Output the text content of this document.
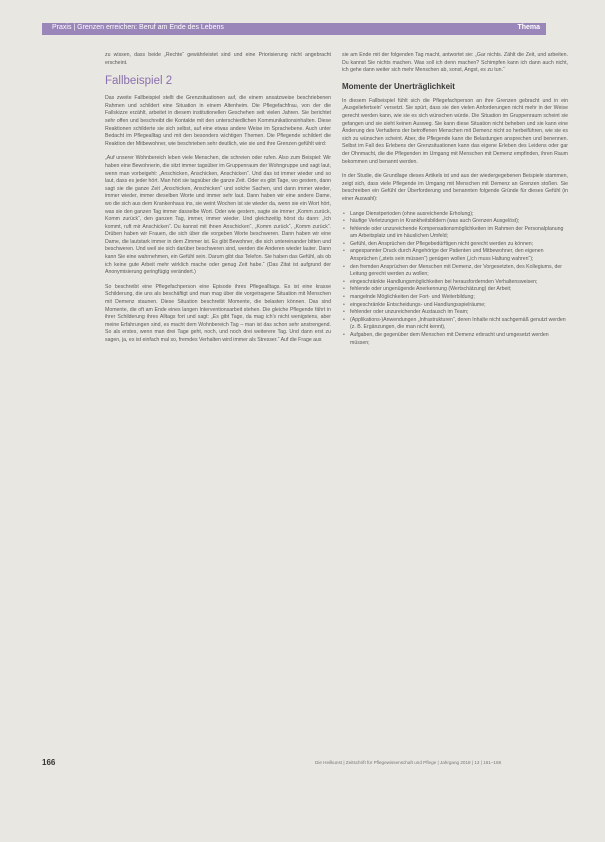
Praxis | Grenzen erreichen: Beruf am Ende des Lebens	Thema

zu wissen, dass beide „Rechte“ gewährleistet sind und eine Priorisierung nicht angebracht erscheint.

Fallbeispiel 2

Das zweite Fallbeispiel stellt die Grenzsituationen auf, die einem ansatzweise beschriebenen Rahmen und schildert eine Situation in einem Altenheim. Die Pflegefachfrau, von der die Fallskizze erzählt, arbeitet in diesem institutionellen Geschehen seit vielen Jahren. Sie berichtet sehr offen und beschreibt die Kontakte mit den unterschiedlichen Kommunikationsinhalten. Diese Reaktionen schilderte sie sich selbst, auf eine etwas andere Weise im Sprachebene. Auch unter Bedacht im Pflegealltag und mit den besonders wichtigen Themen. Die Pflegende schildert die Reaktion der Mitbewohner, wie beschrieben sehr deutlich, wie sie und ihre Grenzen gefühlt wird:

„Auf unserer Wohnbereich leben viele Menschen, die schreien oder rufen. Also zum Beispiel: Wir haben eine Bewohnerin, die sitzt immer tagsüber im Gruppenraum der Wohngruppe und sagt laut, wenn man vorbeigeht: „Anschicken, Anschicken, Anschicken“. Und das ist immer wieder und so laut, dass es jeder hört. Man hört sie tagsüber die ganze Zeit. Oder es gibt Tage, wo gestern, dann sagt sie die ganze Zeit „Anschicken, Anschicken“ und solche Sachen, und dann immer wieder, immer wieder, immer dieselben Worte und immer sehr laut. Dann haben wir eine andere Dame, wo die sich aus dem Krankenhaus ins, sie weint Wochen ist sie wieder da, wenn sie ein Wort hört, was sie den ganzen Tag immer dasselbe Wort. Oder wie gestern, sagte sie immer „Komm zurück, Komm zurück“, den ganzen Tag, immer, immer wieder. Und gleichzeitig hörst du dann: „Ich kommt, ruft mir Anschicken“. Du kannst mit ihnen Anschicken“, „Komm zurück“, „Komm zurück“. Drüben haben wir Frauen, die sich über die vorgeben Worte beschweren. Dann haben wir eine Dame, die lautstark immer in dem Zimmer ist. Es gibt Bewohner, die sich untereinander bitten und beschweren. Und weil sie sich darüber beschweren sind, werden die Anderen wieder lauter. Dann kann Sie eine wahrnehmen, ein Gefühl sein. Darum gibt das Telefon. Sie haben das Gefühl, als ob ich keine gute Arbeit mehr wirklich mache oder genug Zeit habe.“ (Das Zitat ist aufgrund der Anonymisierung geringfügig verändert.)

So beschreibt eine Pflegefachperson eine Episode ihres Pflegealltags. Es ist eine krasse Schilderung, die uns als beschäftigt und man mag über die vorgetragene Situation mit Menschen mit Demenz staunen. Diese Situation beschreibt Momente, die belasten können. Das sind Momente, die oft am Ende eines langen Interventionsarbeit stehen. Die gleiche Pflegende fährt in ihrer Schilderung ihres Alltags fort und sagt: „Es gibt Tage, da mag ich’s nicht wenigstens, aber meine Erfahrungen sind, es macht dem Wohnbereich Tag – man ist das schon sehr anstrengend. So als erstes, wenn man drei Tage geht, noch, und noch drei weiterere Tag. Und dann erst zu sagen, ja, es ist einfach mal so, fremdes Verhalten wird immer als Stresser.“ Auf die Frage aus

sie am Ende mit der folgenden Tag macht, antwortet sie: „Gar nichts. Zählt die Zeit, und arbeiten. Du kannst Sie nichts machen. Was soll ich denn machen? Schimpfen kann ich dann auch nicht, ich gehe dann weiter sich mehr Menschen ab, sonst, Angst, es zu tun.“

Momente der Unerträglichkeit

In diesem Fallbeispiel fühlt sich die Pflegefachperson an ihre Grenzen gebracht und in ein „Ausgeliefertsein“ versetzt. Sie spürt, dass sie den vielen Anforderungen nicht mehr in der Weise gerecht werden kann, wie sie es sich wünschen würde. Die Situation im Gruppenraum scheint sie gefangen und sie sieht keinen Ausweg. Sie kann diese Situation nicht beheben und sie kann eine Änderung des Verhaltens der betroffenen Menschen mit Demenz nicht so herbeiführen, wie sie es sich zu wünschen scheint. Aber, die Pflegende kann die Belastungen ansprechen und benennen. Selbst im Fall des Erlebens der Grenzsituationen kann das eigene Erleben des Leidens oder gar der Ohnmacht, die die Pflegenden im Umgang mit Menschen mit Demenz empfinden, ihren Raum bekommen und benannt werden.

In der Studie, die Grundlage dieses Artikels ist und aus der wiedergegebenen Beispiele stammen, zeigt sich, dass viele Pflegende im Umgang mit Menschen mit Demenz an Grenzen stoßen. Sie beschreiben ein Gefühl der Überforderung und benannten folgende Gründe für dieses Gefühl (in einer Auswahl):

• Lange Dienstperioden (ohne ausreichende Erholung);
• häufige Verletzungen in Krankheitsbildern (was auch Grenzen Ausgelöst);
• fehlende oder unzureichende Kompensationsmöglichkeiten im Rahmen der Personalplanung am Arbeitsplatz und im häuslichen Umfeld;
• Gefühl, den Ansprüchen der Pflegebedürftigen nicht gerecht werden zu können;
• angespannter Druck durch Angehörige der Patienten und Mitbewohner, den eigenen Ansprüchen („stets sein müssen“) genügen wollen („ich muss Haltung wahren“);
• den fremden Ansprüchen der Menschen mit Demenz, der Vorgesetzten, des Kollegiums, der Leitung gerecht werden zu wollen;
• eingeschränkte Handlungsmöglichkeiten bei herausfordernden Verhaltensweisen;
• fehlende oder ungenügende Anerkennung (Wertschätzung) der Arbeit;
• mangelnde Möglichkeiten der Fort- und Weiterbildung;
• eingeschränkte Entscheidungs- und Handlungsspielräume;
• fehlender oder unzureichender Austausch im Team;
• (Applikations-)Anwendungen „Infrastrukturen“, deren Inhalte nicht sachgemäß genutzt werden (z. B. Ergänzungen, die man nicht kennt),
• Aufgaben, die gegenüber dem Menschen mit Demenz erbracht und umgesetzt werden müssen;
166	Die Heilkunst | Zeitschrift für Pflegewissenschaft und Pflege | Jahrgang 2018 | 13 | 161–168
